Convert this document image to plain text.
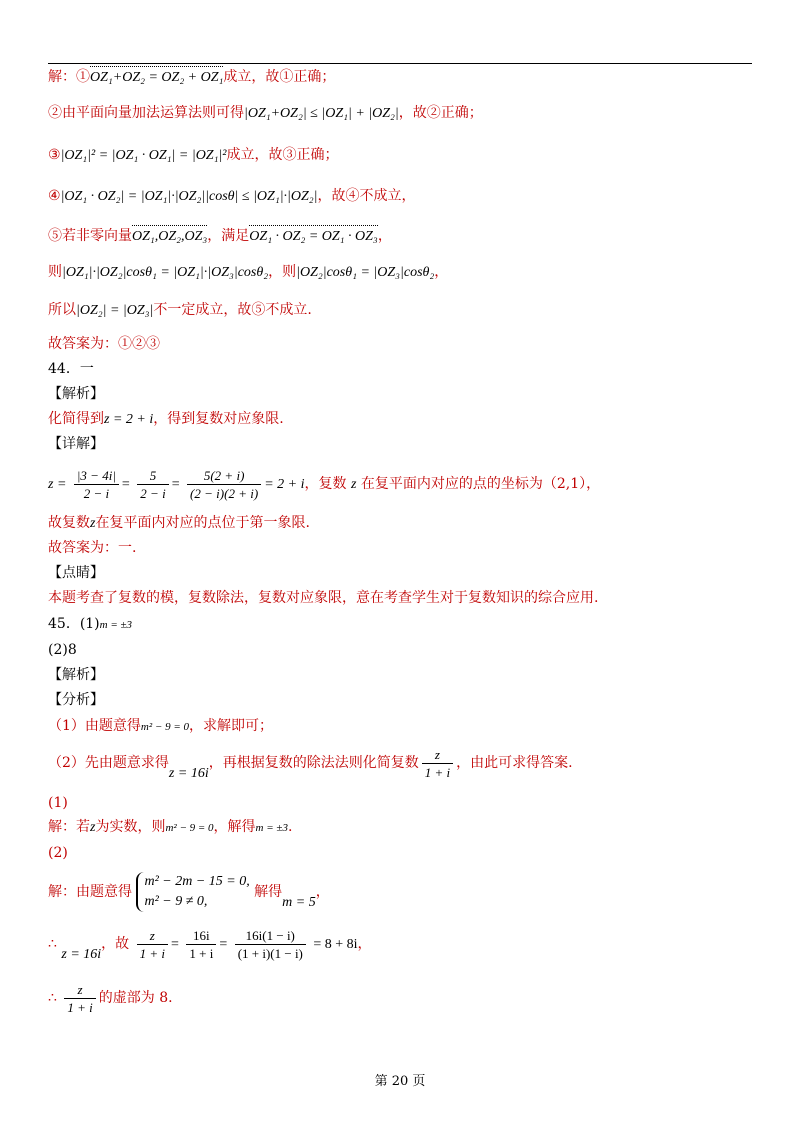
解：①OZ₁+OZ₂ = OZ₂ + OZ₁成立，故①正确；
②由平面向量加法运算法则可得|OZ₁+OZ₂| ≤ |OZ₁| + |OZ₂|，故②正确；
③|OZ₁|² = |OZ₁ · OZ₁| = |OZ₁|²成立，故③正确；
④|OZ₁ · OZ₂| = |OZ₁|·|OZ₂||cosθ| ≤ |OZ₁|·|OZ₂|，故④不成立，
⑤若非零向量OZ₁,OZ₂,OZ₃，满足OZ₁ · OZ₂ = OZ₁ · OZ₃，
则|OZ₁|·|OZ₂|cosθ₁ = |OZ₁|·|OZ₃|cosθ₂，则|OZ₂|cosθ₁ = |OZ₃|cosθ₂，
所以|OZ₂| = |OZ₃|不一定成立，故⑤不成立.
故答案为：①②③
44．一
【解析】
化简得到z = 2 + i，得到复数对应象限.
【详解】
$z = \frac{|3 - 4i|}{2 - i} = \frac{5}{2 - i} = \frac{5(2 + i)}{(2 - i)(2 + i)} = 2 + i$，复数 z 在复平面内对应的点的坐标为（2,1），
故复数z在复平面内对应的点位于第一象限.
故答案为：一.
【点睛】
本题考查了复数的模，复数除法，复数对应象限，意在考查学生对于复数知识的综合应用.
45．(1)m = ±3
(2)8
【解析】
【分析】
（1）由题意得m² − 9 = 0，求解即可；
（2）先由题意求得z = 16i，再根据复数的除法法则化简复数 $\frac{z}{1 + i}$ ，由此可求得答案.
(1)
解：若z为实数，则m² − 9 = 0，解得m = ±3.
(2)
解：由题意得
m² − 2m − 15 = 0,
m² − 9 ≠ 0,
解得m = 5，
∴ z = 16i，故 $\frac{z}{1 + i} = \frac{16i}{1 + i} = \frac{16i(1 - i)}{(1 + i)(1 - i)} = 8 + 8i$，
∴ $\frac{z}{1 + i}$ 的虚部为 8.
第 20 页
